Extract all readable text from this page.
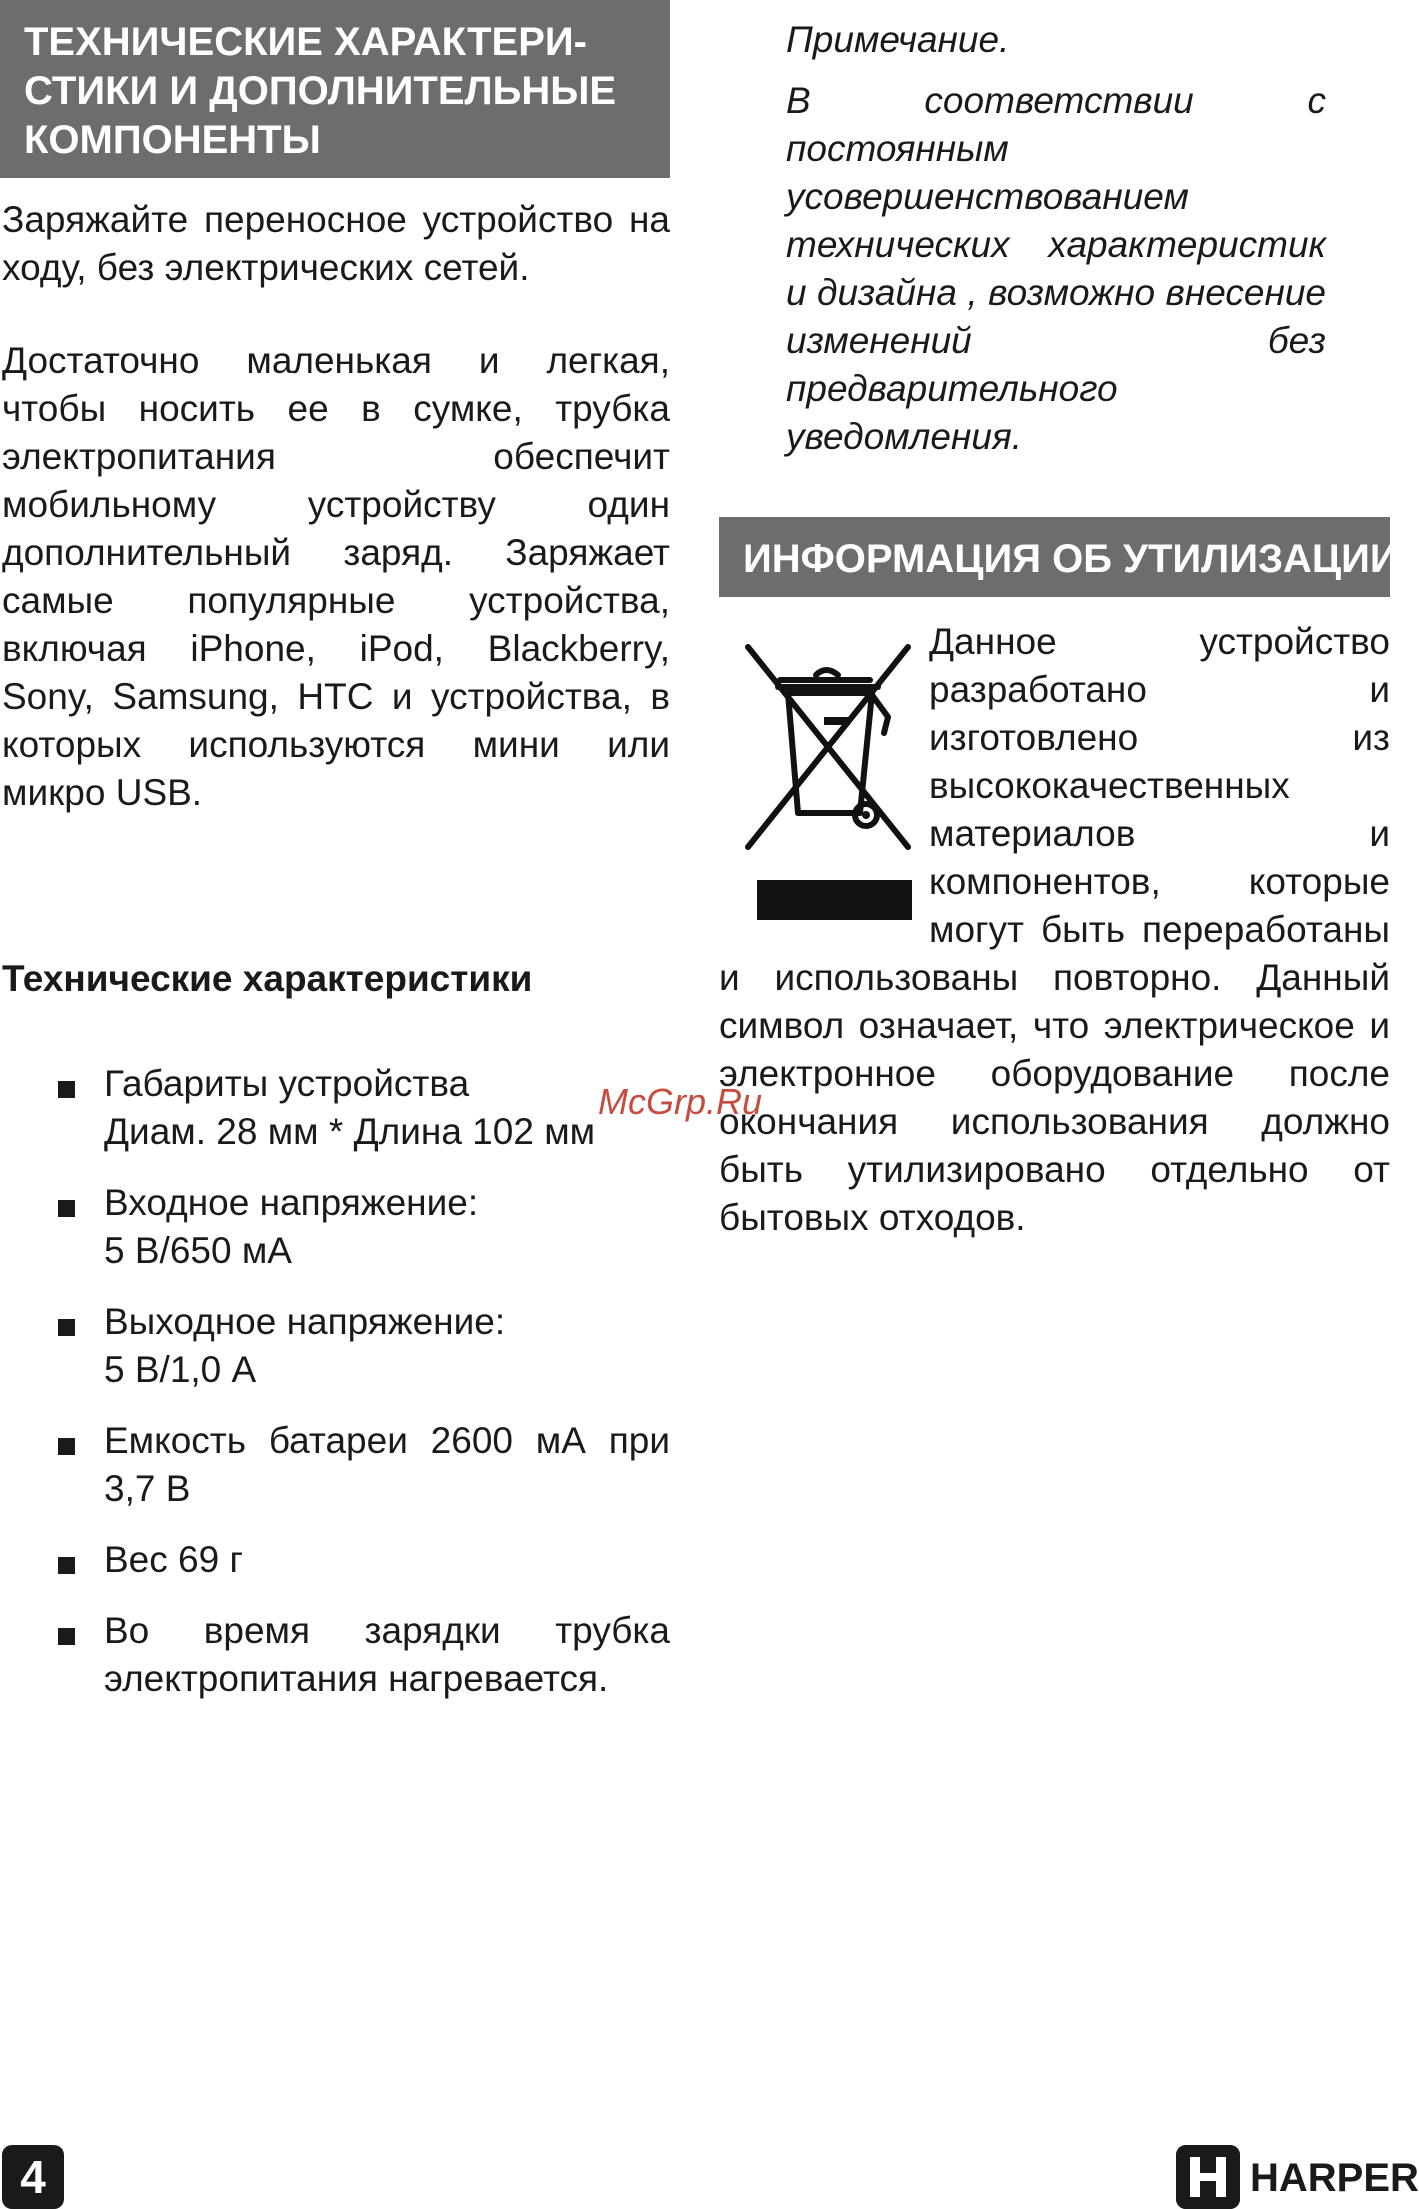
ТЕХНИЧЕСКИЕ ХАРАКТЕРИ-
СТИКИ И ДОПОЛНИТЕЛЬНЫЕ
КОМПОНЕНТЫ

Заряжайте переносное устройство на ходу, без электрических сетей.

Достаточно маленькая и легкая, чтобы носить ее в сумке, трубка электропитания обеспечит мобильному устройству один дополнительный заряд. Заряжает самые популярные устройства, включая iPhone, iPod, Blackberry, Sony, Samsung, HTC и устройства, в которых используются мини или микро USB.

Технические характеристики
Габариты устройства
Диам. 28 мм * Длина 102 мм
Входное напряжение:
5 В/650 мА
Выходное напряжение:
5 В/1,0 А
Емкость батареи 2600 мА при
3,7 В
Вес 69 г
Во время зарядки трубка
электропитания нагревается.

Примечание.

В соответствии с постоянным усовершенствованием технических характеристик и дизайна , возможно внесение изменений без предварительного уведомления.

ИНФОРМАЦИЯ ОБ УТИЛИЗАЦИИ
Данное устройство разработано и изготовлено из высококачественных материалов и компонентов, которые могут быть переработаны и использованы повторно. Данный символ означает, что электрическое и электронное оборудование после окончания использования должно быть утилизировано отдельно от бытовых отходов.

McGrp.Ru

4	HARPER
